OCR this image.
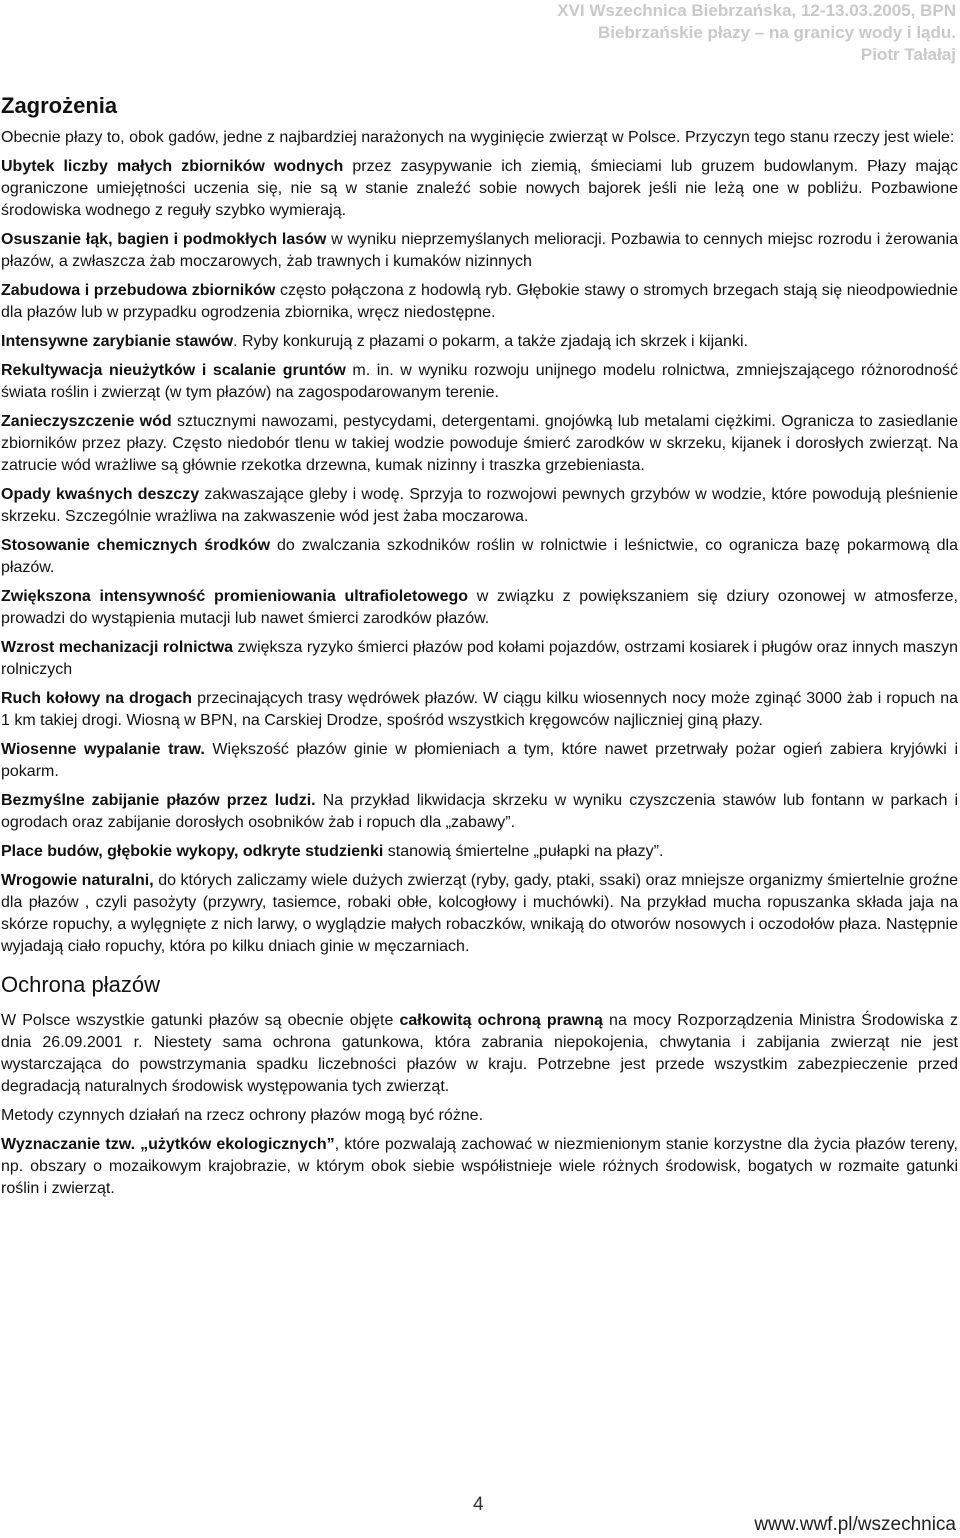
XVI Wszechnica Biebrzańska, 12-13.03.2005, BPN
Biebrzańskie płazy – na granicy wody i lądu.
Piotr Tałałaj
Zagrożenia

Obecnie płazy to, obok gadów, jedne z najbardziej narażonych na wyginięcie zwierząt w Polsce. Przyczyn tego stanu rzeczy jest wiele:

Ubytek liczby małych zbiorników wodnych przez zasypywanie ich ziemią, śmieciami lub gruzem budowlanym. Płazy mając ograniczone umiejętności uczenia się, nie są w stanie znaleźć sobie nowych bajorek jeśli nie leżą one w pobliżu. Pozbawione środowiska wodnego z reguły szybko wymierają.

Osuszanie łąk, bagien i podmokłych lasów w wyniku nieprzemyślanych melioracji. Pozbawia to cennych miejsc rozrodu i żerowania płazów, a zwłaszcza żab moczarowych, żab trawnych i kumaków nizinnych

Zabudowa i przebudowa zbiorników często połączona z hodowlą ryb. Głębokie stawy o stromych brzegach stają się nieodpowiednie dla płazów lub w przypadku ogrodzenia zbiornika, wręcz niedostępne.

Intensywne zarybianie stawów. Ryby konkurują z płazami o pokarm, a także zjadają ich skrzek i kijanki.

Rekultywacja nieużytków i scalanie gruntów m. in. w wyniku rozwoju unijnego modelu rolnictwa, zmniejszającego różnorodność świata roślin i zwierząt (w tym płazów) na zagospodarowanym terenie.

Zanieczyszczenie wód sztucznymi nawozami, pestycydami, detergentami. gnojówką lub metalami ciężkimi. Ogranicza to zasiedlanie zbiorników przez płazy. Często niedobór tlenu w takiej wodzie powoduje śmierć zarodków w skrzeku, kijanek i dorosłych zwierząt. Na zatrucie wód wrażliwe są głównie rzekotka drzewna, kumak nizinny i traszka grzebieniasta.

Opady kwaśnych deszczy zakwaszające gleby i wodę. Sprzyja to rozwojowi pewnych grzybów w wodzie, które powodują pleśnienie skrzeku. Szczególnie wrażliwa na zakwaszenie wód jest żaba moczarowa.

Stosowanie chemicznych środków do zwalczania szkodników roślin w rolnictwie i leśnictwie, co ogranicza bazę pokarmową dla płazów.

Zwiększona intensywność promieniowania ultrafioletowego w związku z powiększaniem się dziury ozonowej w atmosferze, prowadzi do wystąpienia mutacji lub nawet śmierci zarodków płazów.

Wzrost mechanizacji rolnictwa zwiększa ryzyko śmierci płazów pod kołami pojazdów, ostrzami kosiarek i pługów oraz innych maszyn rolniczych

Ruch kołowy na drogach przecinających trasy wędrówek płazów. W ciągu kilku wiosennych nocy może zginąć 3000 żab i ropuch na 1 km takiej drogi. Wiosną w BPN, na Carskiej Drodze, spośród wszystkich kręgowców najliczniej giną płazy.

Wiosenne wypalanie traw. Większość płazów ginie w płomieniach a tym, które nawet przetrwały pożar ogień zabiera kryjówki i pokarm.

Bezmyślne zabijanie płazów przez ludzi. Na przykład likwidacja skrzeku w wyniku czyszczenia stawów lub fontann w parkach i ogrodach oraz zabijanie dorosłych osobników żab i ropuch dla „zabawy”.

Place budów, głębokie wykopy, odkryte studzienki stanowią śmiertelne „pułapki na płazy”.

Wrogowie naturalni, do których zaliczamy wiele dużych zwierząt (ryby, gady, ptaki, ssaki) oraz mniejsze organizmy śmiertelnie groźne dla płazów , czyli pasożyty (przywry, tasiemce, robaki obłe, kolcogłowy i muchówki). Na przykład mucha ropuszanka składa jaja na skórze ropuchy, a wylęgnięte z nich larwy, o wyglądzie małych robaczków, wnikają do otworów nosowych i oczodołów płaza. Następnie wyjadają ciało ropuchy, która po kilku dniach ginie w męczarniach.

Ochrona płazów

W Polsce wszystkie gatunki płazów są obecnie objęte całkowitą ochroną prawną na mocy Rozporządzenia Ministra Środowiska z dnia 26.09.2001 r. Niestety sama ochrona gatunkowa, która zabrania niepokojenia, chwytania i zabijania zwierząt nie jest wystarczająca do powstrzymania spadku liczebności płazów w kraju. Potrzebne jest przede wszystkim zabezpieczenie przed degradacją naturalnych środowisk występowania tych zwierząt.

Metody czynnych działań na rzecz ochrony płazów mogą być różne.

Wyznaczanie tzw. „użytków ekologicznych”, które pozwalają zachować w niezmienionym stanie korzystne dla życia płazów tereny, np. obszary o mozaikowym krajobrazie, w którym obok siebie współistnieje wiele różnych środowisk, bogatych w rozmaite gatunki roślin i zwierząt.

4
www.wwf.pl/wszechnica
